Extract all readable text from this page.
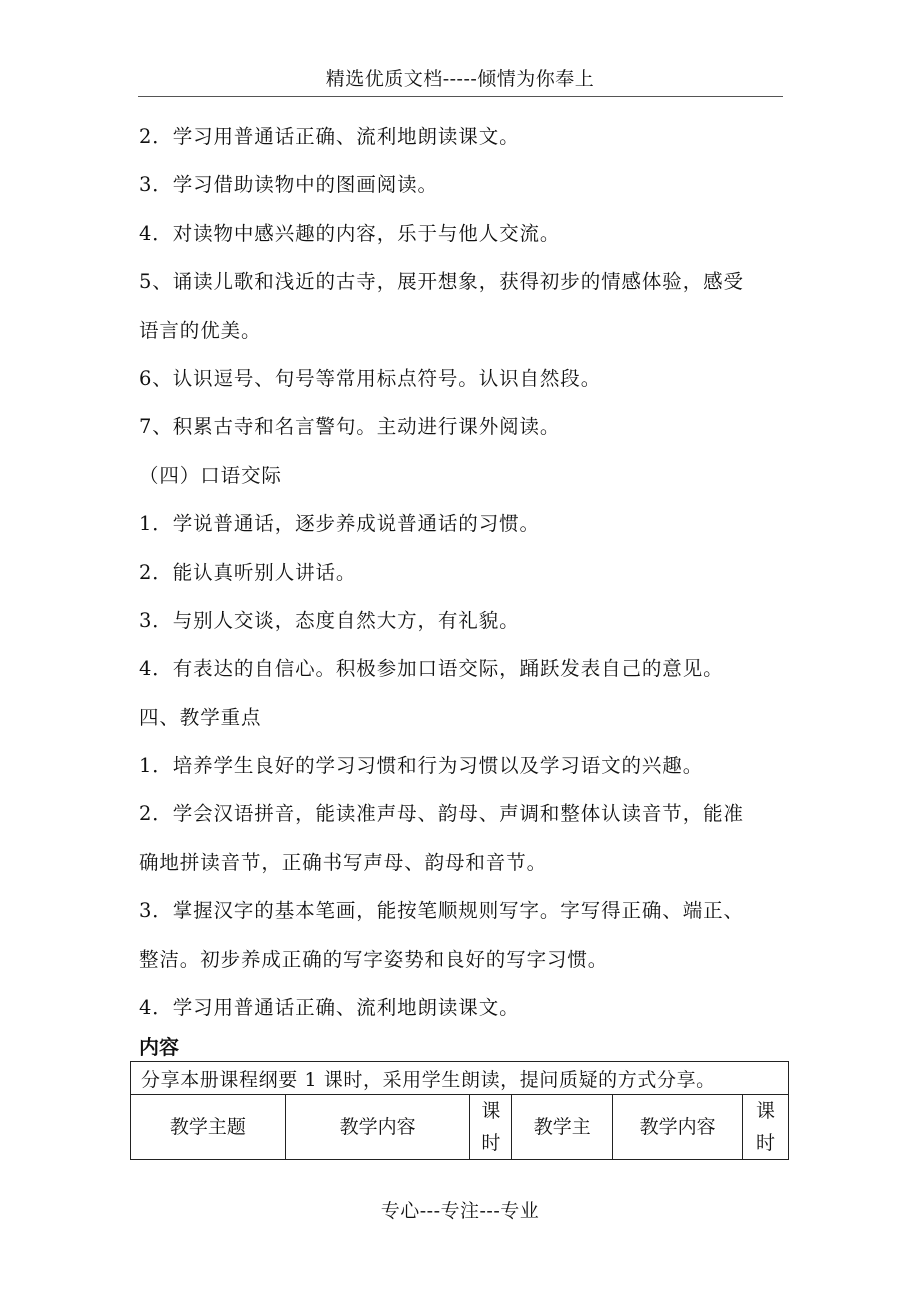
精选优质文档-----倾情为你奉上
2．学习用普通话正确、流利地朗读课文。
3．学习借助读物中的图画阅读。
4．对读物中感兴趣的内容，乐于与他人交流。
5、诵读儿歌和浅近的古寺，展开想象，获得初步的情感体验，感受
语言的优美。
6、认识逗号、句号等常用标点符号。认识自然段。
7、积累古寺和名言警句。主动进行课外阅读。
（四）口语交际
1．学说普通话，逐步养成说普通话的习惯。
2．能认真听别人讲话。
3．与别人交谈，态度自然大方，有礼貌。
4．有表达的自信心。积极参加口语交际，踊跃发表自己的意见。
四、教学重点
1．培养学生良好的学习习惯和行为习惯以及学习语文的兴趣。
2．学会汉语拼音，能读准声母、韵母、声调和整体认读音节，能准
确地拼读音节，正确书写声母、韵母和音节。
3．掌握汉字的基本笔画，能按笔顺规则写字。字写得正确、端正、
整洁。初步养成正确的写字姿势和良好的写字习惯。
4．学习用普通话正确、流利地朗读课文。
内容
分享本册课程纲要 1 课时，采用学生朗读，提问质疑的方式分享。
教学主题	教学内容	课
时	教学主	教学内容	课
时
专心---专注---专业
